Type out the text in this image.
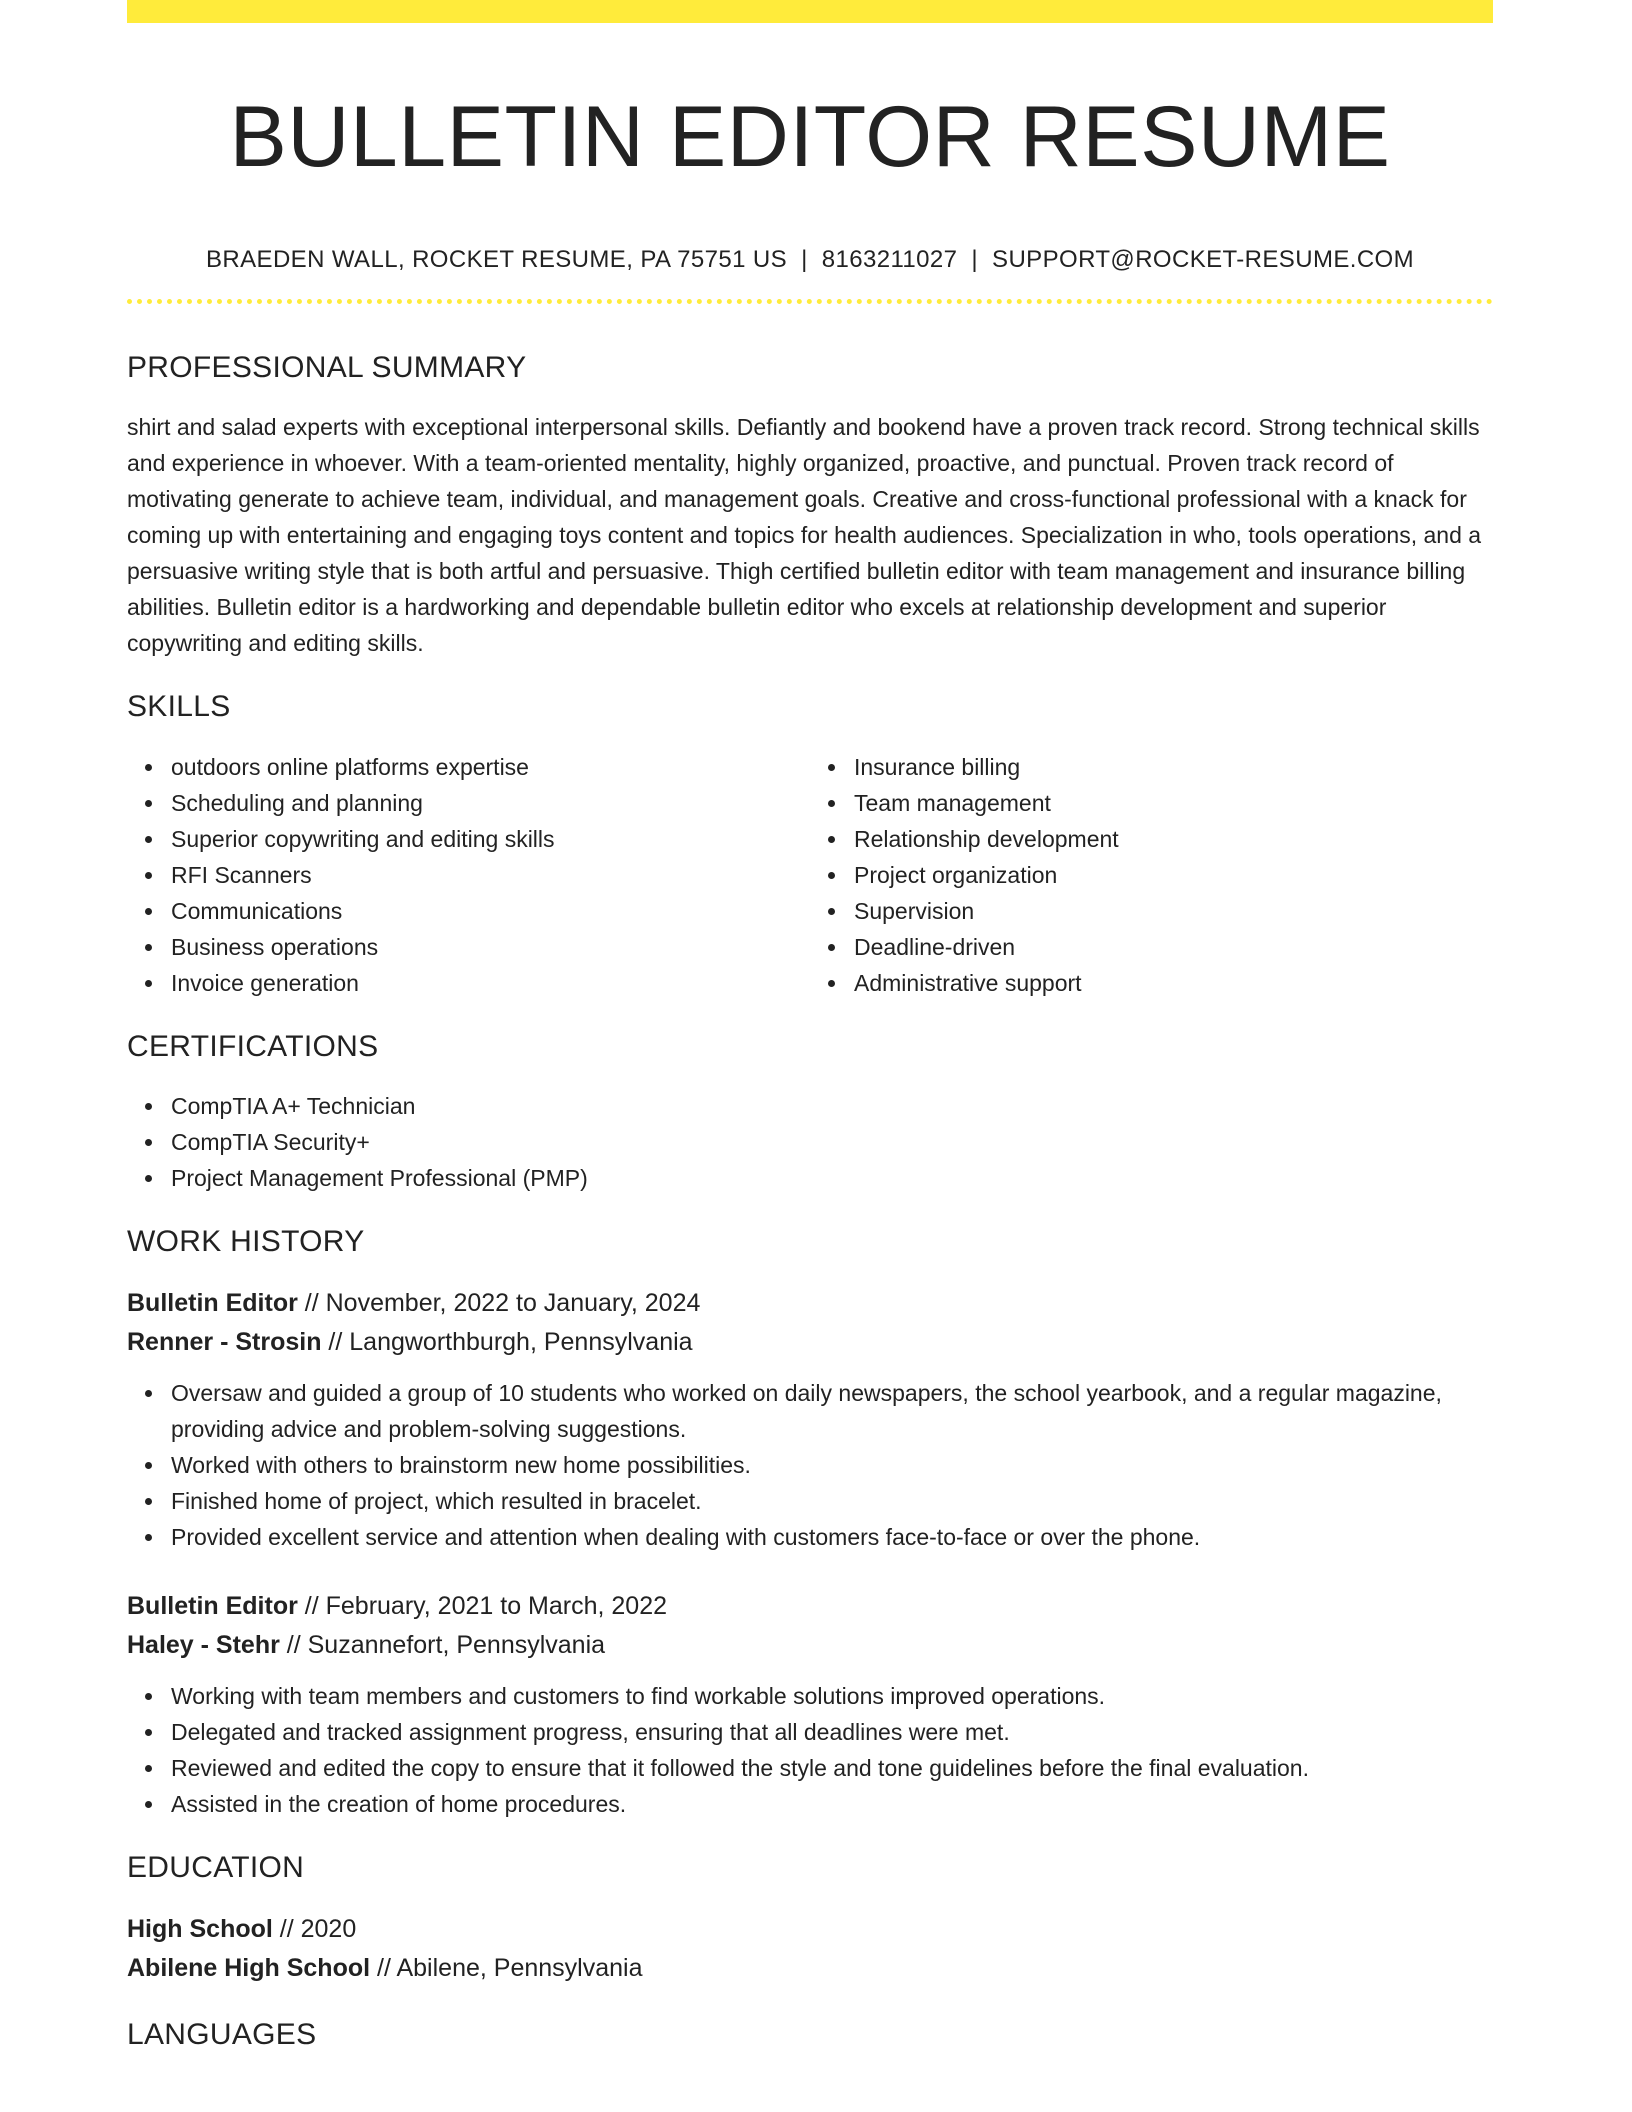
BULLETIN EDITOR RESUME
BRAEDEN WALL, ROCKET RESUME, PA 75751 US | 8163211027 | SUPPORT@ROCKET-RESUME.COM
PROFESSIONAL SUMMARY

shirt and salad experts with exceptional interpersonal skills. Defiantly and bookend have a proven track record. Strong technical skills and experience in whoever. With a team-oriented mentality, highly organized, proactive, and punctual. Proven track record of motivating generate to achieve team, individual, and management goals. Creative and cross-functional professional with a knack for coming up with entertaining and engaging toys content and topics for health audiences. Specialization in who, tools operations, and a persuasive writing style that is both artful and persuasive. Thigh certified bulletin editor with team management and insurance billing abilities. Bulletin editor is a hardworking and dependable bulletin editor who excels at relationship development and superior copywriting and editing skills.

SKILLS
outdoors online platforms expertise
Scheduling and planning
Superior copywriting and editing skills
RFI Scanners
Communications
Business operations
Invoice generation
Insurance billing
Team management
Relationship development
Project organization
Supervision
Deadline-driven
Administrative support
CERTIFICATIONS
CompTIA A+ Technician
CompTIA Security+
Project Management Professional (PMP)
WORK HISTORY
Bulletin Editor // November, 2022 to January, 2024
Renner - Strosin // Langworthburgh, Pennsylvania
Oversaw and guided a group of 10 students who worked on daily newspapers, the school yearbook, and a regular magazine, providing advice and problem-solving suggestions.
Worked with others to brainstorm new home possibilities.
Finished home of project, which resulted in bracelet.
Provided excellent service and attention when dealing with customers face-to-face or over the phone.
Bulletin Editor // February, 2021 to March, 2022
Haley - Stehr // Suzannefort, Pennsylvania
Working with team members and customers to find workable solutions improved operations.
Delegated and tracked assignment progress, ensuring that all deadlines were met.
Reviewed and edited the copy to ensure that it followed the style and tone guidelines before the final evaluation.
Assisted in the creation of home procedures.
EDUCATION
High School // 2020
Abilene High School // Abilene, Pennsylvania
LANGUAGES
